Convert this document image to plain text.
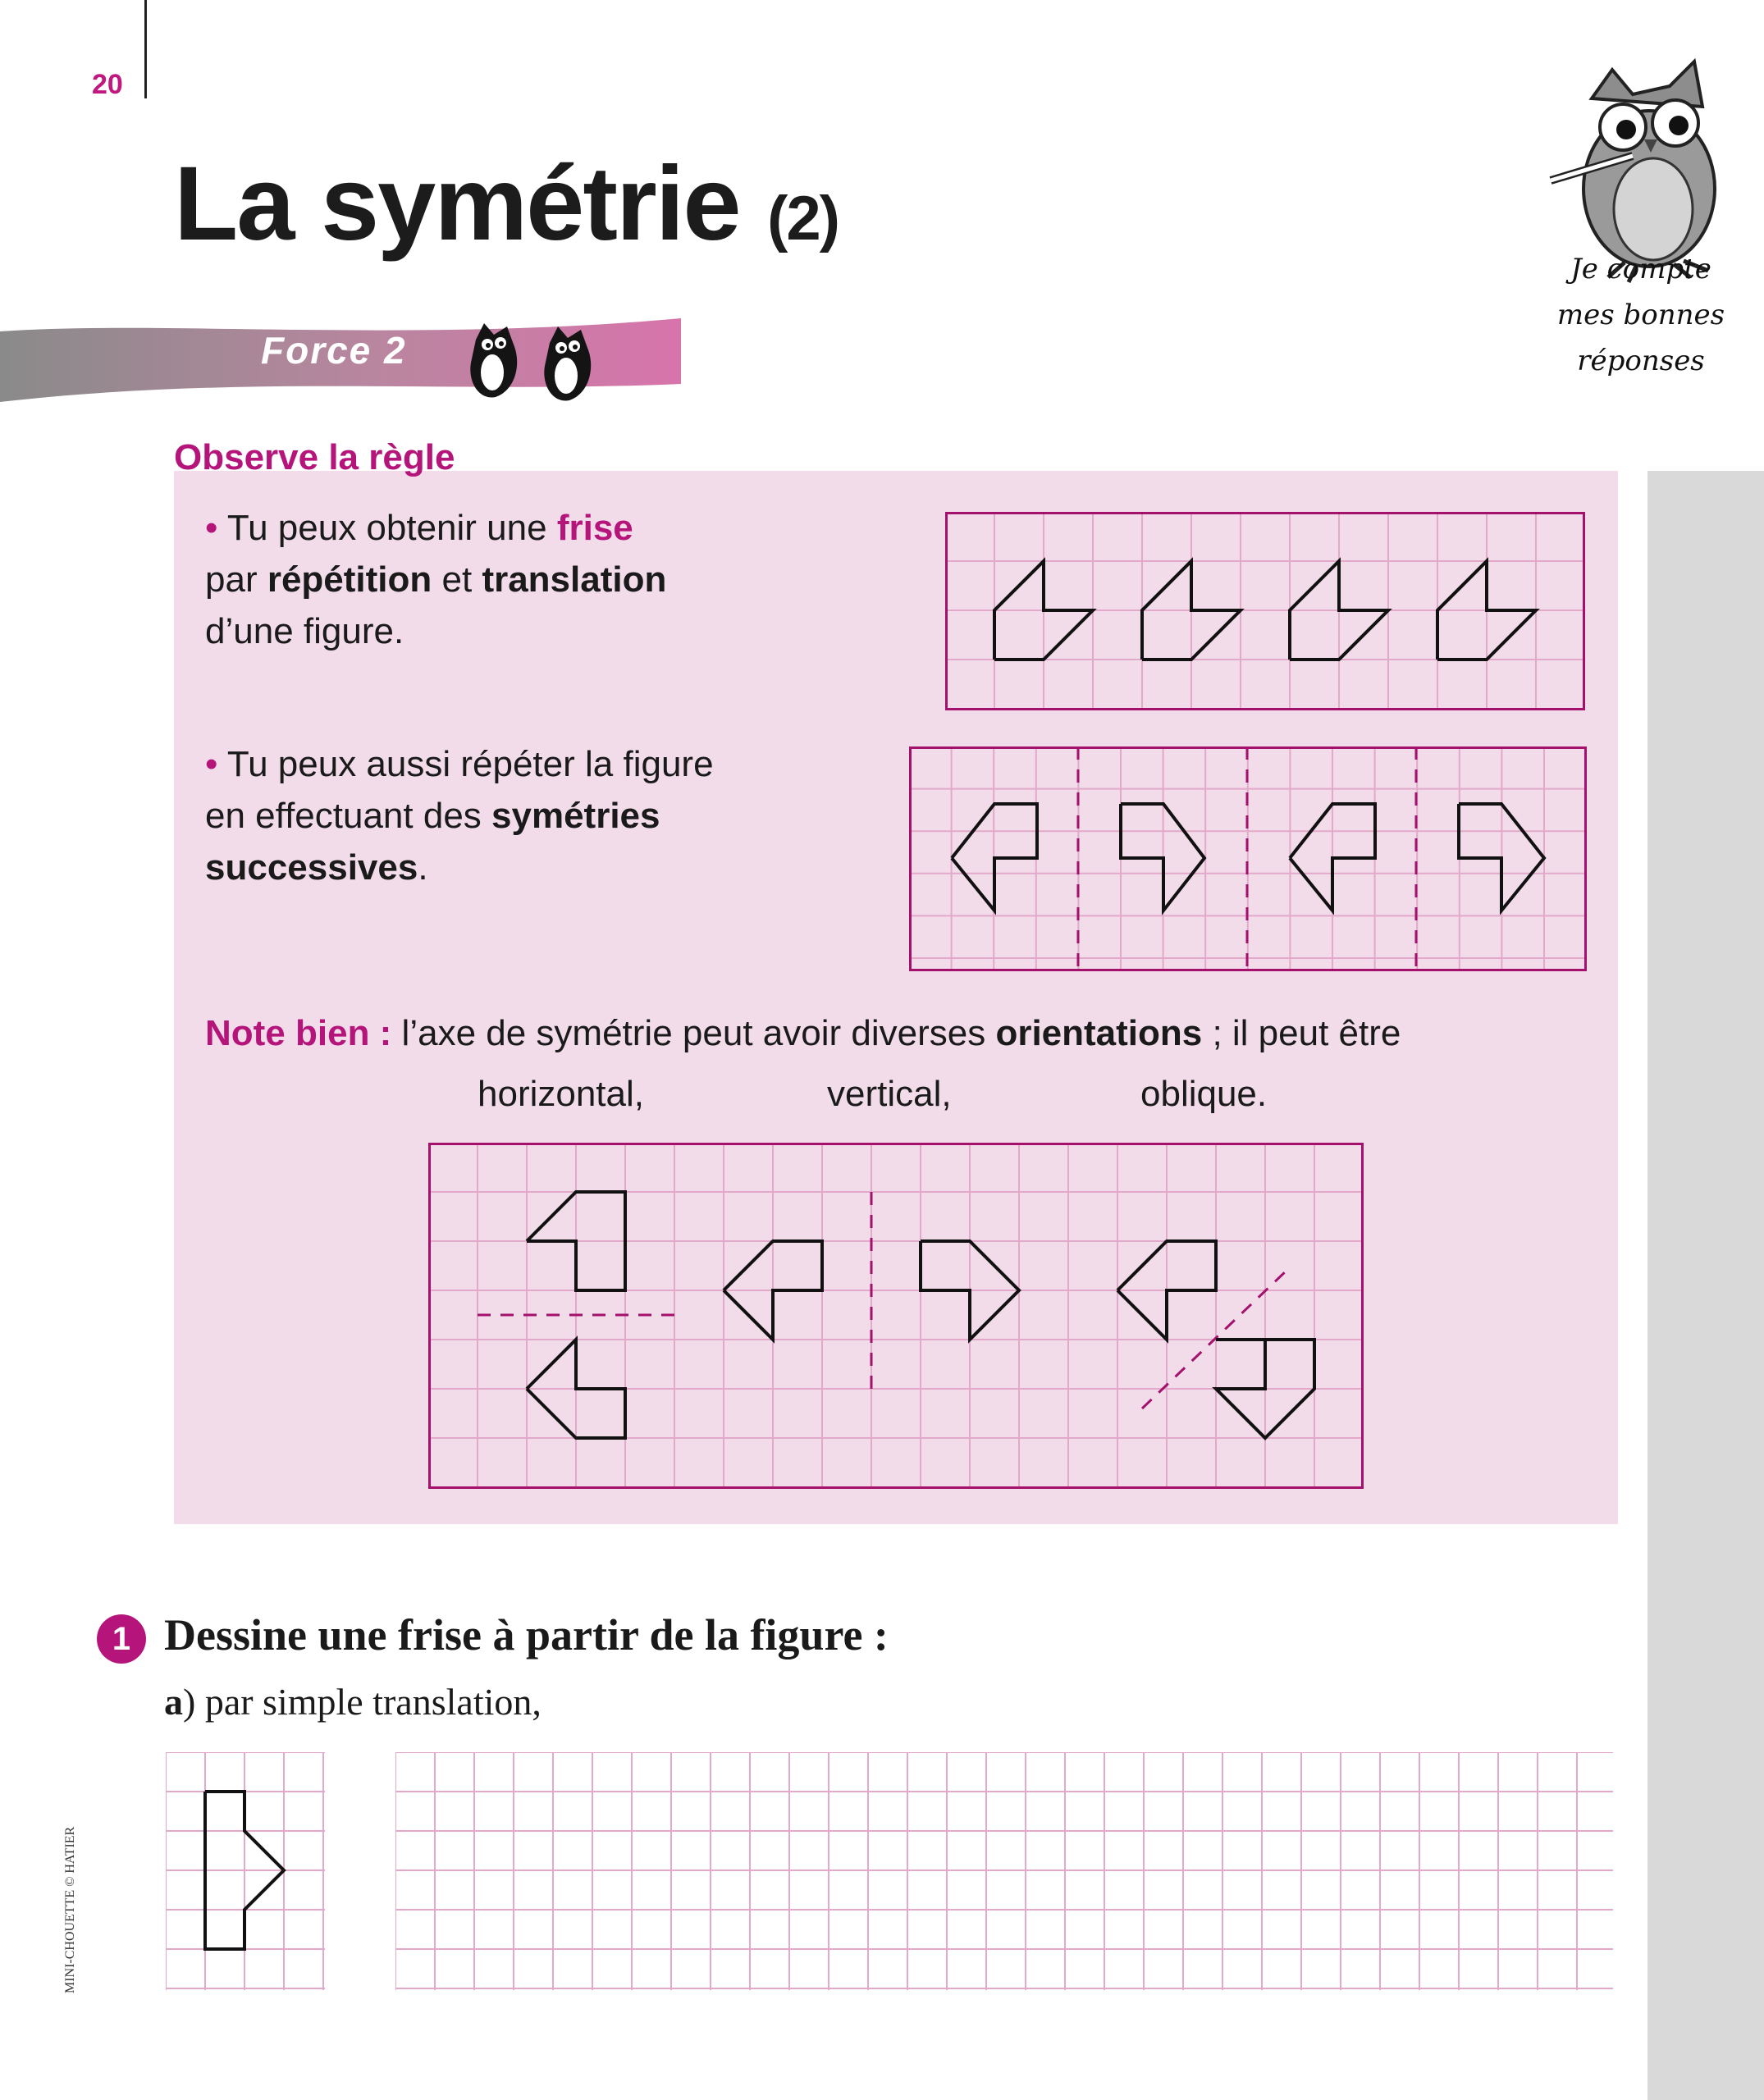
20
La symétrie (2)
Force 2
Je compte
mes bonnes
réponses
Observe la règle
• Tu peux obtenir une frise
par répétition et translation
d’une figure.
• Tu peux aussi répéter la figure
en effectuant des symétries
successives.
Note bien : l’axe de symétrie peut avoir diverses orientations ; il peut être
horizontal,	vertical,	oblique.
1 Dessine une frise à partir de la figure :
a) par simple translation,
MINI-CHOUETTE © HATIER
